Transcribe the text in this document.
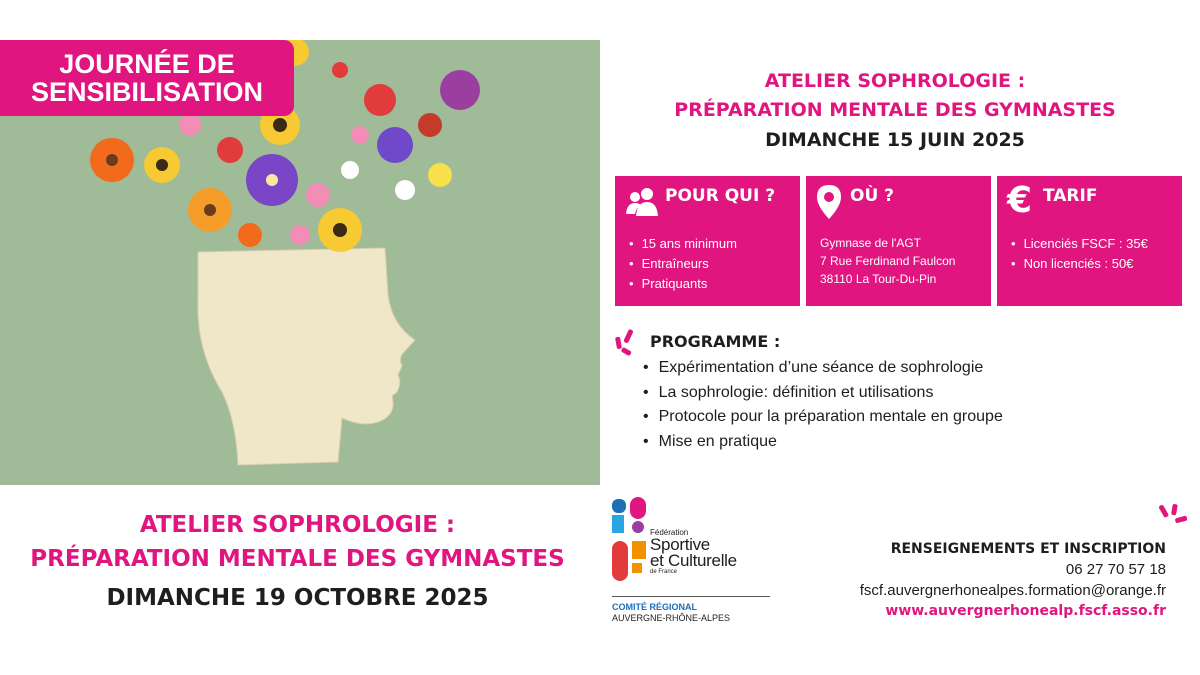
JOURNÉE DE
SENSIBILISATION	ATELIER SOPHROLOGIE :
PRÉPARATION MENTALE DES GYMNASTES
DIMANCHE 15 JUIN 2025
POUR QUI ?
• 15 ans minimum
• Entraîneurs
• Pratiquants
OÙ ?
Gymnase de l'AGT
7 Rue Ferdinand Faulcon
38110 La Tour-Du-Pin
€ TARIF
• Licenciés FSCF : 35€
• Non licenciés : 50€
PROGRAMME :
• Expérimentation d’une séance de sophrologie
• La sophrologie: définition et utilisations
• Protocole pour la préparation mentale en groupe
• Mise en pratique
ATELIER SOPHROLOGIE :
PRÉPARATION MENTALE DES GYMNASTES
DIMANCHE 19 OCTOBRE 2025
Fédération
Sportive
et Culturelle
de France
COMITÉ RÉGIONAL
AUVERGNE-RHÔNE-ALPES
RENSEIGNEMENTS ET INSCRIPTION
06 27 70 57 18
fscf.auvergnerhonealpes.formation@orange.fr
www.auvergnerhonealp.fscf.asso.fr
